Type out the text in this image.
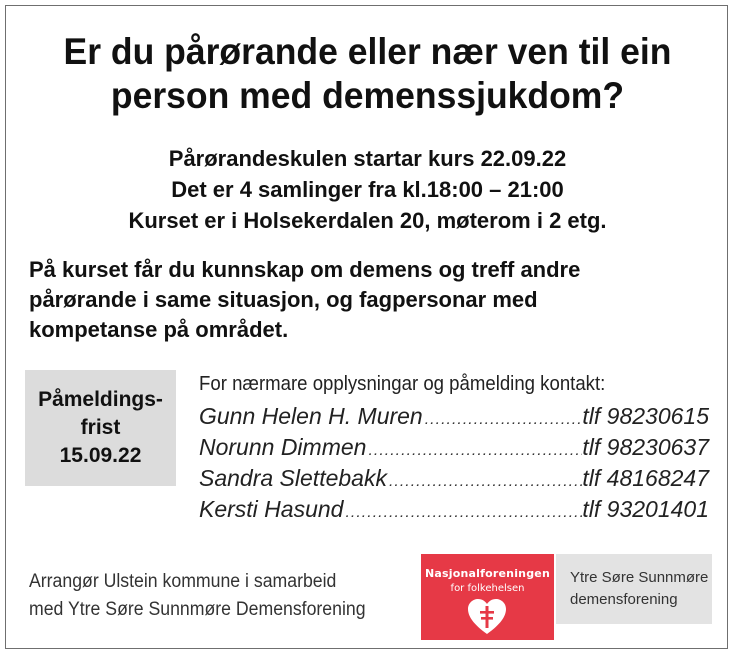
Er du pårørande eller nær ven til ein
person med demenssjukdom?
Pårørandeskulen startar kurs 22.09.22
Det er 4 samlinger fra kl.18:00 – 21:00
Kurset er i Holsekerdalen 20, møterom i 2 etg.
På kurset får du kunnskap om demens og treff andre
pårørande i same situasjon, og fagpersonar med
kompetanse på området.
Påmeldings-
frist
15.09.22
For nærmare opplysningar og påmelding kontakt:
Gunn Helen H. Muren .....	tlf 98230615
Norunn Dimmen .....	tlf 98230637
Sandra Slettebakk .....	tlf 48168247
Kersti Hasund .....	tlf 93201401
Arrangør Ulstein kommune i samarbeid
med Ytre Søre Sunnmøre Demensforening
Nasjonalforeningen
for folkehelsen
Ytre Søre Sunnmøre
demensforening
